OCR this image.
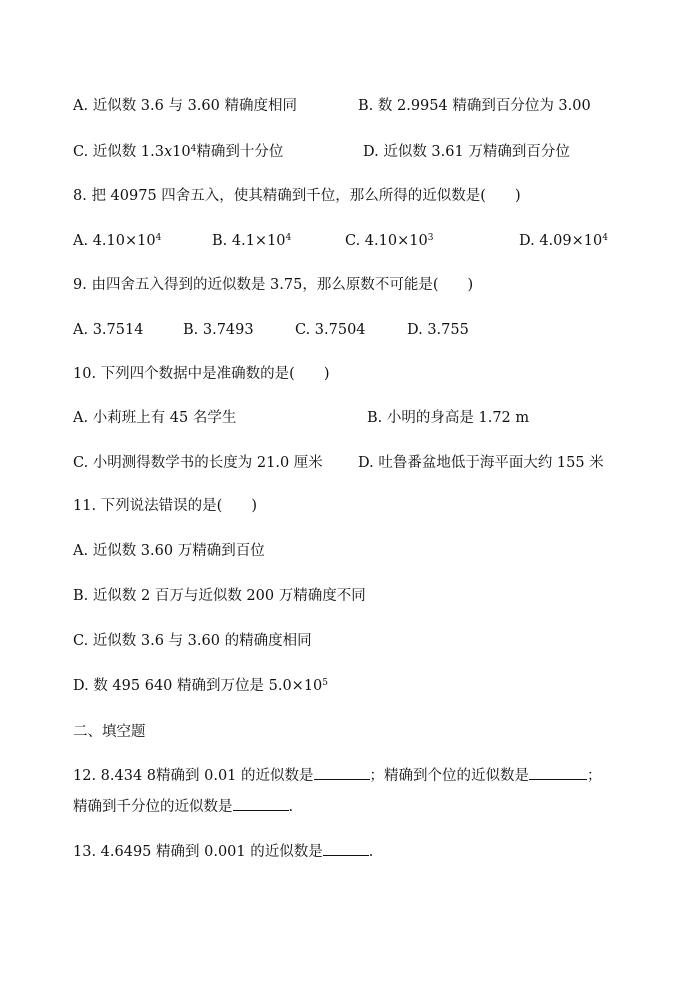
A. 近似数 3.6 与 3.60 精确度相同	B. 数 2.9954 精确到百分位为 3.00
C. 近似数 $1.3x10^4$精确到十分位	D. 近似数 3.61 万精确到百分位
8. 把 40975 四舍五入，使其精确到千位，那么所得的近似数是(　　)
A. $4.10\times 10^4$	B. $4.1\times 10^4$	C. $4.10\times 10^3$	D. $4.09\times 10^4$
9. 由四舍五入得到的近似数是 3.75，那么原数不可能是(　　)
A. 3.7514	B. 3.7493	C. 3.7504	D. 3.755
10. 下列四个数据中是准确数的是(　　)
A. 小莉班上有 45 名学生	B. 小明的身高是 1.72 m
C. 小明测得数学书的长度为 21.0 厘米 D. 吐鲁番盆地低于海平面大约 155 米
11. 下列说法错误的是(　　)
A. 近似数 3.60 万精确到百位
B. 近似数 2 百万与近似数 200 万精确度不同
C. 近似数 3.6 与 3.60 的精确度相同
D. 数 495 640 精确到万位是 $5.0\times 10^5$
二、填空题
12. 8.434 8精确到 0.01 的近似数是	；精确到个位的近似数是	；
精确到千分位的近似数是	.
13. 4.6495 精确到 0.001 的近似数是	.
